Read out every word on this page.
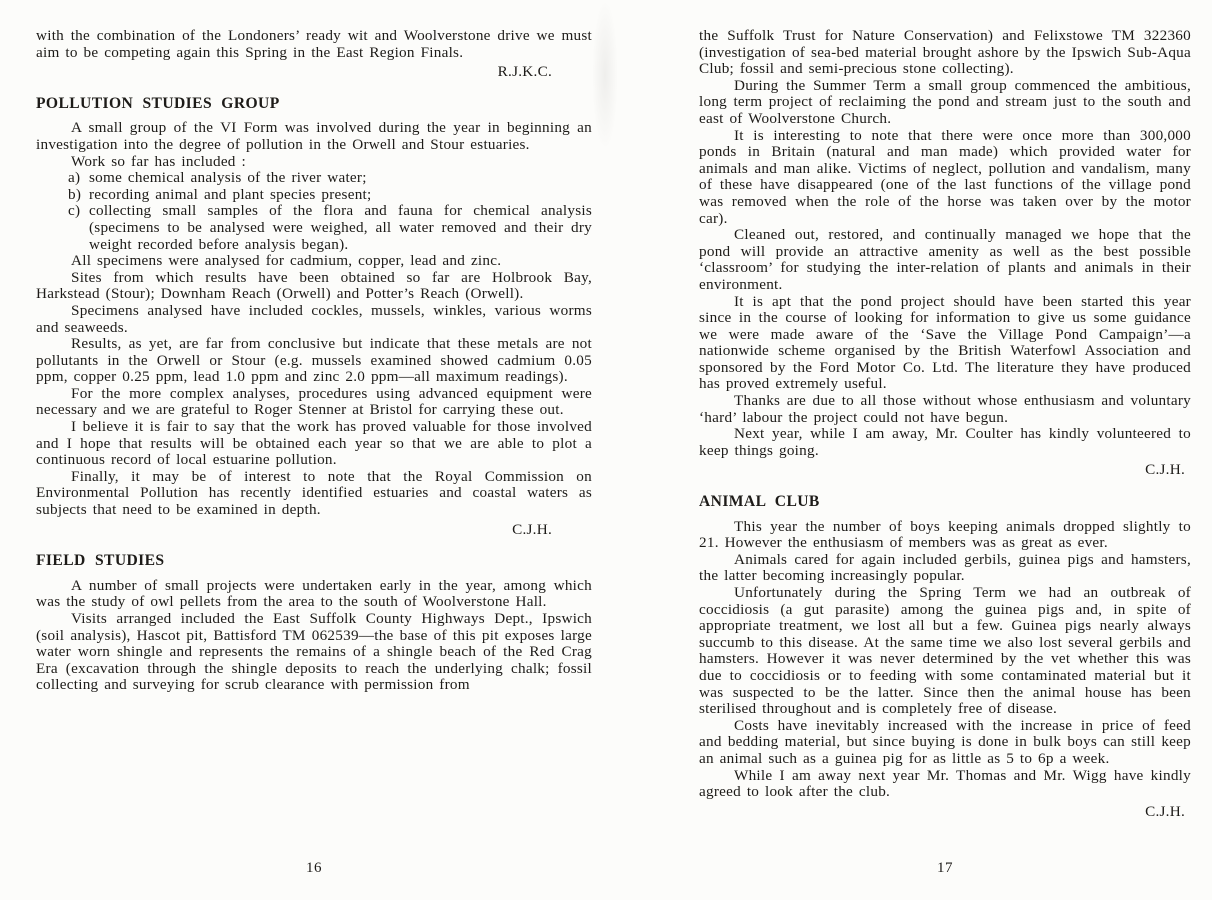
with the combination of the Londoners’ ready wit and Woolverstone drive we must aim to be competing again this Spring in the East Region Finals.

R.J.K.C.
POLLUTION STUDIES GROUP

A small group of the VI Form was involved during the year in beginning an investigation into the degree of pollution in the Orwell and Stour estuaries.

Work so far has included :

a) some chemical analysis of the river water;
b) recording animal and plant species present;
c) collecting small samples of the flora and fauna for chemical analysis (specimens to be analysed were weighed, all water removed and their dry weight recorded before analysis began).

All specimens were analysed for cadmium, copper, lead and zinc.

Sites from which results have been obtained so far are Holbrook Bay, Harkstead (Stour); Downham Reach (Orwell) and Potter’s Reach (Orwell).

Specimens analysed have included cockles, mussels, winkles, various worms and seaweeds.

Results, as yet, are far from conclusive but indicate that these metals are not pollutants in the Orwell or Stour (e.g. mussels examined showed cadmium 0.05 ppm, copper 0.25 ppm, lead 1.0 ppm and zinc 2.0 ppm—all maximum readings).

For the more complex analyses, procedures using advanced equipment were necessary and we are grateful to Roger Stenner at Bristol for carrying these out.

I believe it is fair to say that the work has proved valuable for those involved and I hope that results will be obtained each year so that we are able to plot a continuous record of local estuarine pollution.

Finally, it may be of interest to note that the Royal Commission on Environmental Pollution has recently identified estuaries and coastal waters as subjects that need to be examined in depth.

C.J.H.
FIELD STUDIES

A number of small projects were undertaken early in the year, among which was the study of owl pellets from the area to the south of Woolverstone Hall.

Visits arranged included the East Suffolk County Highways Dept., Ipswich (soil analysis), Hascot pit, Battisford TM 062539—the base of this pit exposes large water worn shingle and represents the remains of a shingle beach of the Red Crag Era (excavation through the shingle deposits to reach the underlying chalk; fossil collecting and surveying for scrub clearance with permission from

the Suffolk Trust for Nature Conservation) and Felixstowe TM 322360 (investigation of sea-bed material brought ashore by the Ipswich Sub-Aqua Club; fossil and semi-precious stone collecting).

During the Summer Term a small group commenced the ambitious, long term project of reclaiming the pond and stream just to the south and east of Woolverstone Church.

It is interesting to note that there were once more than 300,000 ponds in Britain (natural and man made) which provided water for animals and man alike. Victims of neglect, pollution and vandalism, many of these have disappeared (one of the last functions of the village pond was removed when the role of the horse was taken over by the motor car).

Cleaned out, restored, and continually managed we hope that the pond will provide an attractive amenity as well as the best possible ‘classroom’ for studying the inter-relation of plants and animals in their environment.

It is apt that the pond project should have been started this year since in the course of looking for information to give us some guidance we were made aware of the ‘Save the Village Pond Campaign’—a nationwide scheme organised by the British Waterfowl Association and sponsored by the Ford Motor Co. Ltd. The literature they have produced has proved extremely useful.

Thanks are due to all those without whose enthusiasm and voluntary ‘hard’ labour the project could not have begun.

Next year, while I am away, Mr. Coulter has kindly volunteered to keep things going.

C.J.H.
ANIMAL CLUB

This year the number of boys keeping animals dropped slightly to 21. However the enthusiasm of members was as great as ever.

Animals cared for again included gerbils, guinea pigs and hamsters, the latter becoming increasingly popular.

Unfortunately during the Spring Term we had an outbreak of coccidiosis (a gut parasite) among the guinea pigs and, in spite of appropriate treatment, we lost all but a few. Guinea pigs nearly always succumb to this disease. At the same time we also lost several gerbils and hamsters. However it was never determined by the vet whether this was due to coccidiosis or to feeding with some contaminated material but it was suspected to be the latter. Since then the animal house has been sterilised throughout and is completely free of disease.

Costs have inevitably increased with the increase in price of feed and bedding material, but since buying is done in bulk boys can still keep an animal such as a guinea pig for as little as 5 to 6p a week.

While I am away next year Mr. Thomas and Mr. Wigg have kindly agreed to look after the club.

C.J.H.
16	17
